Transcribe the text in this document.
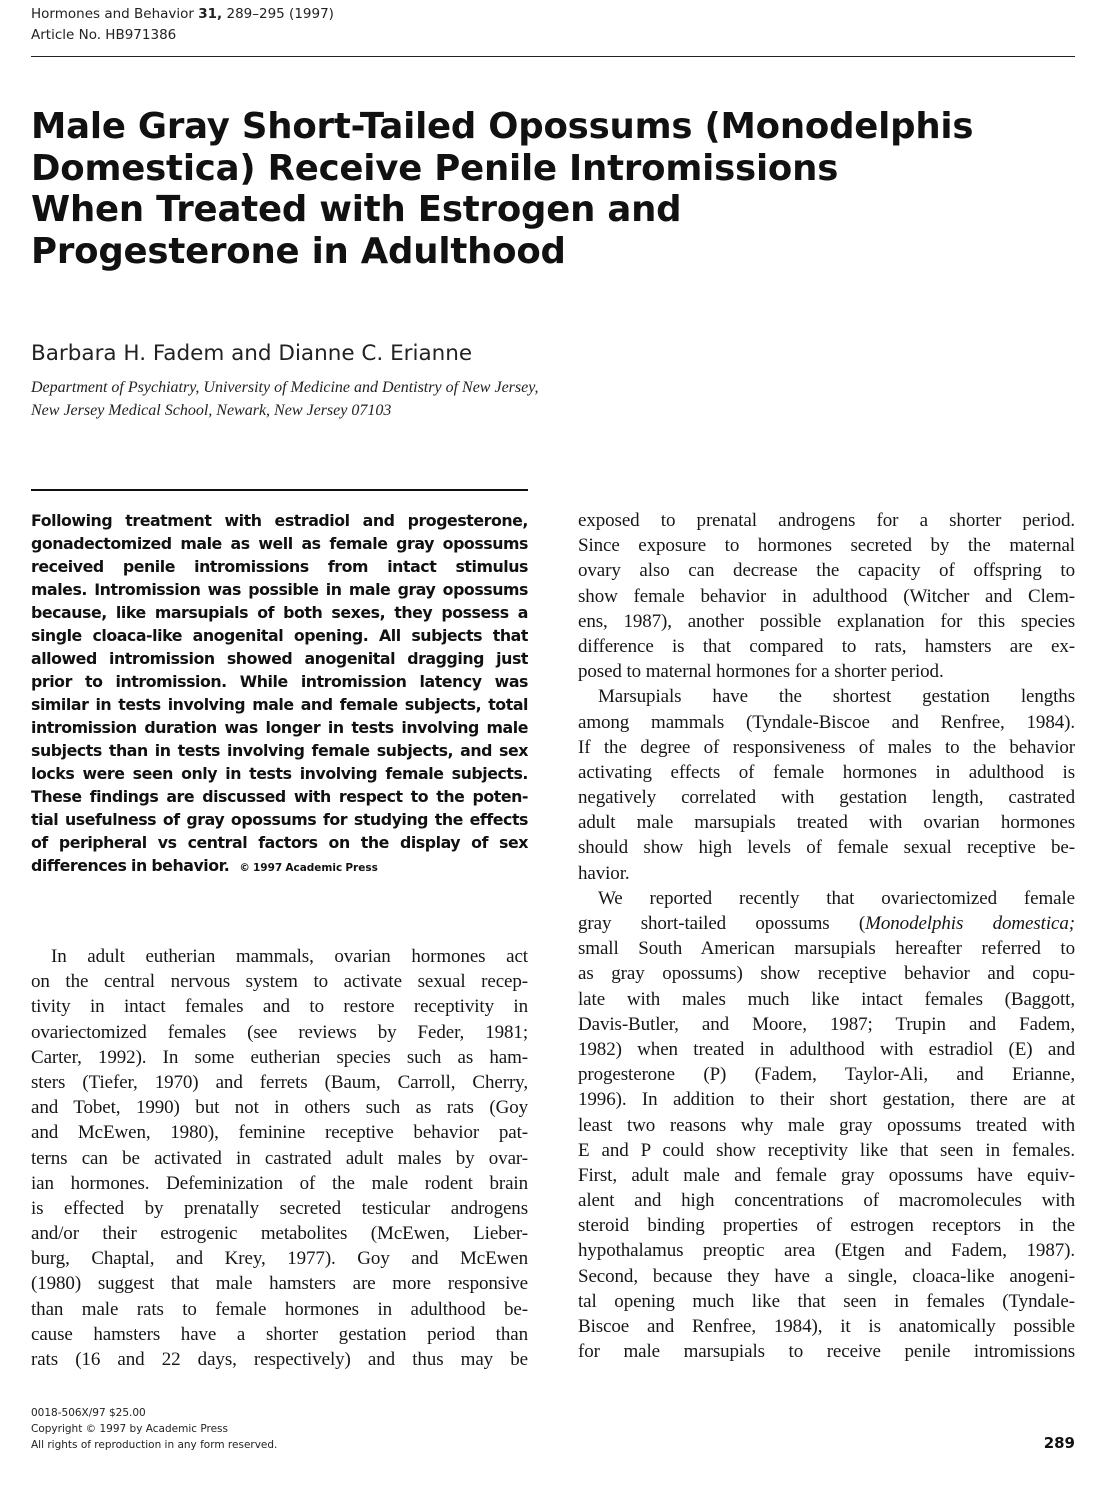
Hormones and Behavior 31, 289–295 (1997)
Article No. HB971386
Male Gray Short-Tailed Opossums (Monodelphis
Domestica) Receive Penile Intromissions
When Treated with Estrogen and
Progesterone in Adulthood
Barbara H. Fadem and Dianne C. Erianne
Department of Psychiatry, University of Medicine and Dentistry of New Jersey,
New Jersey Medical School, Newark, New Jersey 07103
Following treatment with estradiol and progesterone,
gonadectomized male as well as female gray opossums
received penile intromissions from intact stimulus
males. Intromission was possible in male gray opossums
because, like marsupials of both sexes, they possess a
single cloaca-like anogenital opening. All subjects that
allowed intromission showed anogenital dragging just
prior to intromission. While intromission latency was
similar in tests involving male and female subjects, total
intromission duration was longer in tests involving male
subjects than in tests involving female subjects, and sex
locks were seen only in tests involving female subjects.
These findings are discussed with respect to the poten-
tial usefulness of gray opossums for studying the effects
of peripheral vs central factors on the display of sex
differences in behavior. © 1997 Academic Press
In adult eutherian mammals, ovarian hormones act
on the central nervous system to activate sexual recep-
tivity in intact females and to restore receptivity in
ovariectomized females (see reviews by Feder, 1981;
Carter, 1992). In some eutherian species such as ham-
sters (Tiefer, 1970) and ferrets (Baum, Carroll, Cherry,
and Tobet, 1990) but not in others such as rats (Goy
and McEwen, 1980), feminine receptive behavior pat-
terns can be activated in castrated adult males by ovar-
ian hormones. Defeminization of the male rodent brain
is effected by prenatally secreted testicular androgens
and/or their estrogenic metabolites (McEwen, Lieber-
burg, Chaptal, and Krey, 1977). Goy and McEwen
(1980) suggest that male hamsters are more responsive
than male rats to female hormones in adulthood be-
cause hamsters have a shorter gestation period than
rats (16 and 22 days, respectively) and thus may be
exposed to prenatal androgens for a shorter period.
Since exposure to hormones secreted by the maternal
ovary also can decrease the capacity of offspring to
show female behavior in adulthood (Witcher and Clem-
ens, 1987), another possible explanation for this species
difference is that compared to rats, hamsters are ex-
posed to maternal hormones for a shorter period.
Marsupials have the shortest gestation lengths
among mammals (Tyndale-Biscoe and Renfree, 1984).
If the degree of responsiveness of males to the behavior
activating effects of female hormones in adulthood is
negatively correlated with gestation length, castrated
adult male marsupials treated with ovarian hormones
should show high levels of female sexual receptive be-
havior.
We reported recently that ovariectomized female
gray short-tailed opossums (Monodelphis domestica;
small South American marsupials hereafter referred to
as gray opossums) show receptive behavior and copu-
late with males much like intact females (Baggott,
Davis-Butler, and Moore, 1987; Trupin and Fadem,
1982) when treated in adulthood with estradiol (E) and
progesterone (P) (Fadem, Taylor-Ali, and Erianne,
1996). In addition to their short gestation, there are at
least two reasons why male gray opossums treated with
E and P could show receptivity like that seen in females.
First, adult male and female gray opossums have equiv-
alent and high concentrations of macromolecules with
steroid binding properties of estrogen receptors in the
hypothalamus preoptic area (Etgen and Fadem, 1987).
Second, because they have a single, cloaca-like anogeni-
tal opening much like that seen in females (Tyndale-
Biscoe and Renfree, 1984), it is anatomically possible
for male marsupials to receive penile intromissions
0018-506X/97 $25.00
Copyright © 1997 by Academic Press
All rights of reproduction in any form reserved.	289
